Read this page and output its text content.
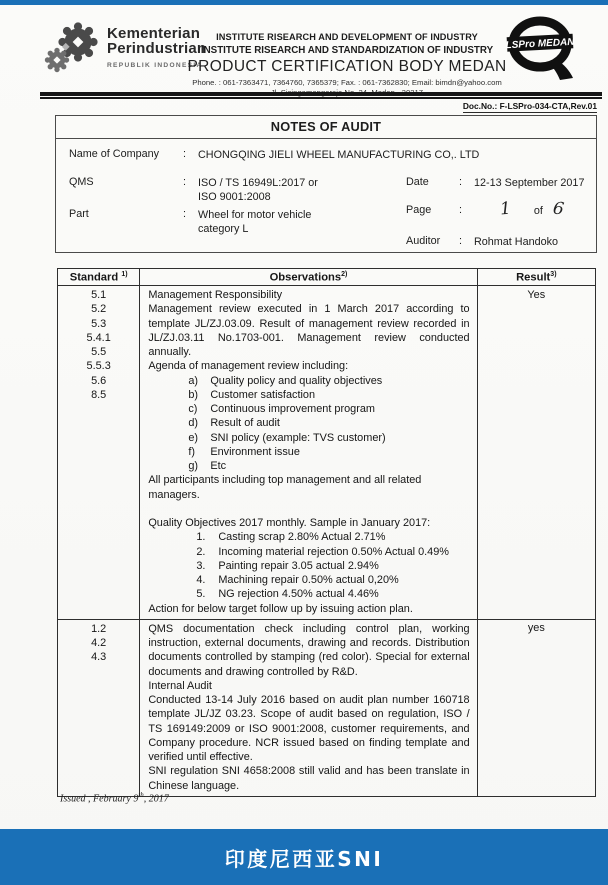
Kementerian
Perindustrian
REPUBLIK INDONESIA
INSTITUTE RISEARCH AND DEVELOPMENT OF INDUSTRY
INSTITUTE RISEARCH AND STANDARDIZATION OF INDUSTRY
PRODUCT CERTIFICATION BODY MEDAN
Phone. : 061-7363471, 7364760, 7365379; Fax. : 061-7362830; Email: bimdn@yahoo.com
LSPro MEDAN
Doc.No.: F-LSPro-034-CTA,Rev.01
NOTES OF AUDIT
Name of Company	:	CHONGQING JIELI WHEEL MANUFACTURING CO,. LTD
QMS	:	ISO / TS 16949L:2017 or
ISO 9001:2008
Part	:	Wheel for motor vehicle
category L
Date	:	12-13 September 2017
Page	:	1 of 6
Auditor	:	Rohmat Handoko
Standard $^{1)}$	Observations$^{2)}$	Result$^{3)}$

5.1
5.2
5.3
5.4.1
5.5
5.5.3
5.6
8.5

Management Responsibility
Management review executed in 1 March 2017 according to template JL/ZJ.03.09. Result of management review recorded in JL/ZJ.03.11 No.1703-001. Management review conducted annually.
Agenda of management review including:
a)	Quality policy and quality objectives
b)	Customer satisfaction
c)	Continuous improvement program
d)	Result of audit
e)	SNI policy (example: TVS customer)
f)	Environment issue
g)	Etc
All participants including top management and all related managers.
Quality Objectives 2017 monthly. Sample in January 2017:
1.	Casting scrap 2.80% Actual 2.71%
2.	Incoming material rejection 0.50% Actual 0.49%
3.	Painting repair 3.05 actual 2.94%
4.	Machining repair 0.50% actual 0,20%
5.	NG rejection 4.50% actual 4.46%
Action for below target follow up by issuing action plan.

Yes

1.2
4.2
4.3

QMS documentation check including control plan, working instruction, external documents, drawing and records. Distribution documents controlled by stamping (red color). Special for external documents and drawing controlled by R&D.
Internal Audit
Conducted 13-14 July 2016 based on audit plan number 160718 template JL/JZ 03.23. Scope of audit based on regulation, ISO / TS 169149:2009 or ISO 9001:2008, customer requirements, and Company procedure. NCR issued based on finding template and verified until effective.
SNI regulation SNI 4658:2008 still valid and has been translate in Chinese language.

yes
Issued , February 9th, 2017
印度尼西亚SNI
